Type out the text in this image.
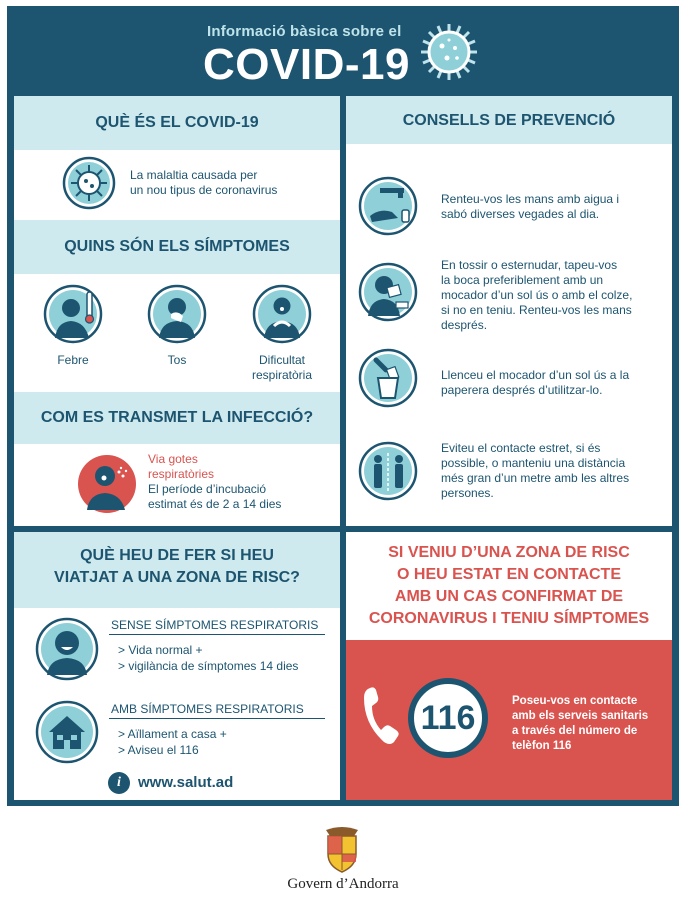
Informació bàsica sobre el
COVID-19
QUÈ ÉS EL COVID-19
La malaltia causada per
un nou tipus de coronavirus
QUINS SÓN ELS SÍMPTOMES
Febre	Tos	Dificultat
respiratòria
COM ES TRANSMET LA INFECCIÓ?
Via gotes
respiratòries
El període d’incubació
estimat és de 2 a 14 dies
CONSELLS DE PREVENCIÓ
Renteu-vos les mans amb aigua i
sabó diverses vegades al dia.
En tossir o esternudar, tapeu-vos
la boca preferiblement amb un
mocador d’un sol ús o amb el colze,
si no en teniu. Renteu-vos les mans
després.
Llenceu el mocador d’un sol ús a la
paperera després d’utilitzar-lo.
Eviteu el contacte estret, si és
possible, o manteniu una distància
més gran d’un metre amb les altres
persones.
QUÈ HEU DE FER SI HEU
VIATJAT A UNA ZONA DE RISC?
SENSE SÍMPTOMES RESPIRATORIS
> Vida normal +
> vigilància de símptomes 14 dies
AMB SÍMPTOMES RESPIRATORIS
> Aïllament a casa +
> Aviseu el 116
i	www.salut.ad
SI VENIU D’UNA ZONA DE RISC
O HEU ESTAT EN CONTACTE
AMB UN CAS CONFIRMAT DE
CORONAVIRUS I TENIU SÍMPTOMES
116	Poseu-vos en contacte
amb els serveis sanitaris
a través del número de
telèfon 116
Govern d’Andorra
